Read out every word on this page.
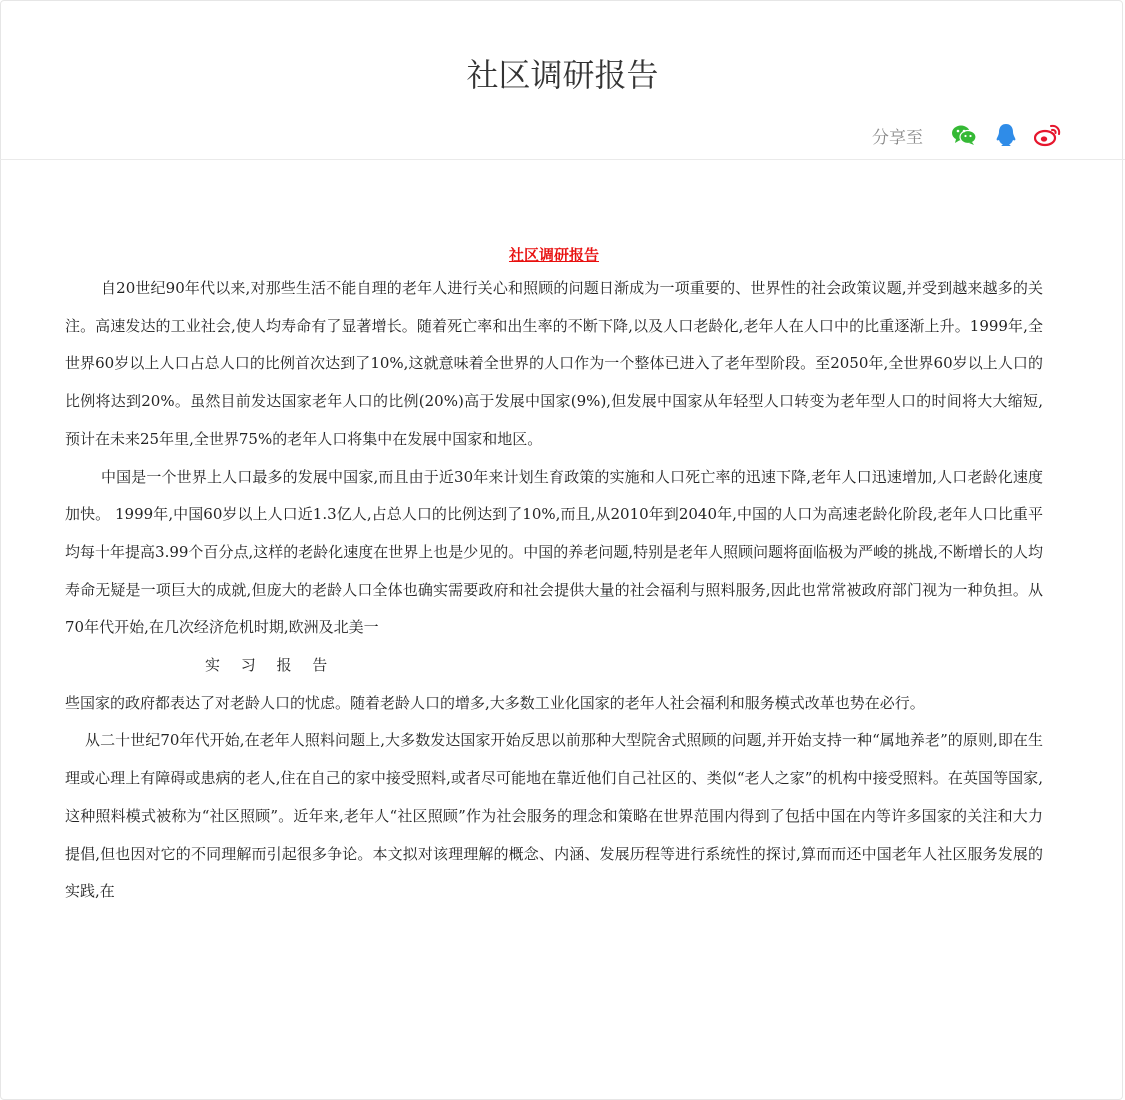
社区调研报告
分享至
社区调研报告

自20世纪90年代以来,对那些生活不能自理的老年人进行关心和照顾的问题日渐成为一项重要的、世界性的社会政策议题,并受到越来越多的关注。高速发达的工业社会,使人均寿命有了显著增长。随着死亡率和出生率的不断下降,以及人口老龄化,老年人在人口中的比重逐渐上升。1999年,全世界60岁以上人口占总人口的比例首次达到了10%,这就意味着全世界的人口作为一个整体已进入了老年型阶段。至2050年,全世界60岁以上人口的比例将达到20%。虽然目前发达国家老年人口的比例(20%)高于发展中国家(9%),但发展中国家从年轻型人口转变为老年型人口的时间将大大缩短,预计在未来25年里,全世界75%的老年人口将集中在发展中国家和地区。

中国是一个世界上人口最多的发展中国家,而且由于近30年来计划生育政策的实施和人口死亡率的迅速下降,老年人口迅速增加,人口老龄化速度加快。 1999年,中国60岁以上人口近1.3亿人,占总人口的比例达到了10%,而且,从2010年到2040年,中国的人口为高速老龄化阶段,老年人口比重平均每十年提高3.99个百分点,这样的老龄化速度在世界上也是少见的。中国的养老问题,特别是老年人照顾问题将面临极为严峻的挑战,不断增长的人均寿命无疑是一项巨大的成就,但庞大的老龄人口全体也确实需要政府和社会提供大量的社会福利与照料服务,因此也常常被政府部门视为一种负担。从70年代开始,在几次经济危机时期,欧洲及北美一

实 习 报 告

些国家的政府都表达了对老龄人口的忧虑。随着老龄人口的增多,大多数工业化国家的老年人社会福利和服务模式改革也势在必行。

从二十世纪70年代开始,在老年人照料问题上,大多数发达国家开始反思以前那种大型院舍式照顾的问题,并开始支持一种“属地养老”的原则,即在生理或心理上有障碍或患病的老人,住在自己的家中接受照料,或者尽可能地在靠近他们自己社区的、类似“老人之家”的机构中接受照料。在英国等国家,这种照料模式被称为“社区照顾”。近年来,老年人“社区照顾”作为社会服务的理念和策略在世界范围内得到了包括中国在内等许多国家的关注和大力提倡,但也因对它的不同理解而引起很多争论。本文拟对该理理解的概念、内涵、发展历程等进行系统性的探讨,算而而还中国老年人社区服务发展的实践,在
